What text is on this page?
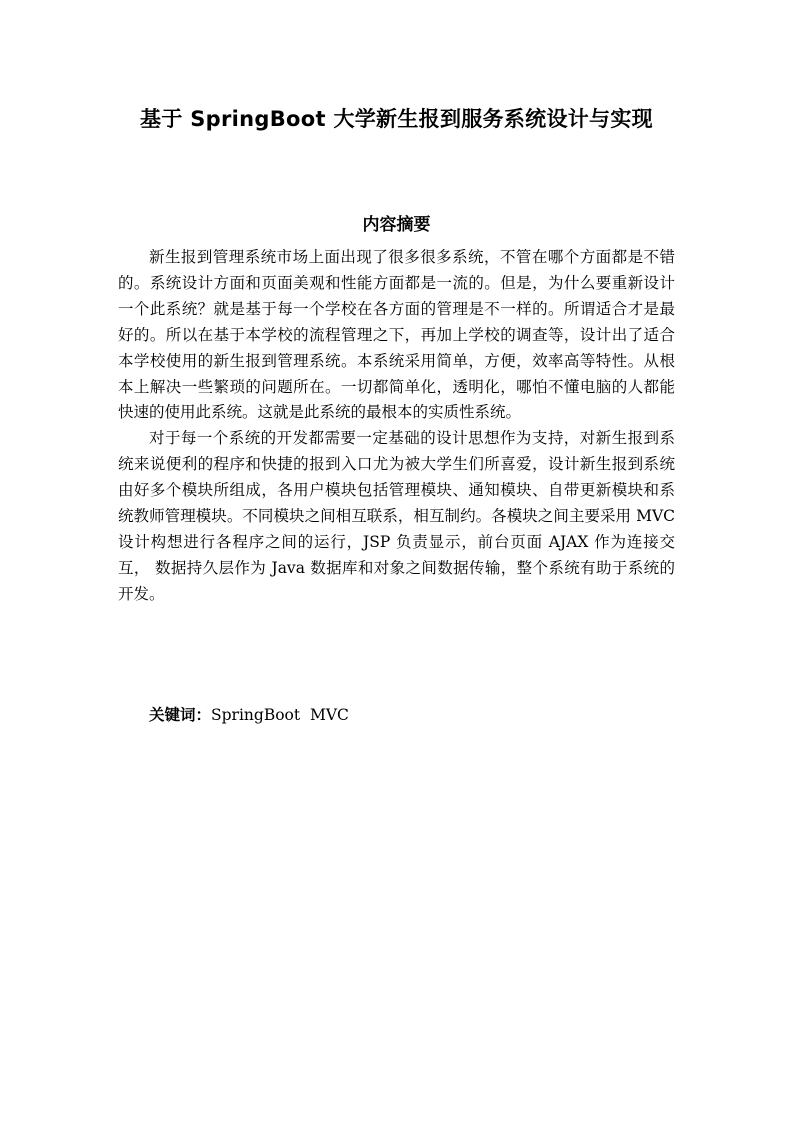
基于 SpringBoot 大学新生报到服务系统设计与实现
内容摘要

新生报到管理系统市场上面出现了很多很多系统，不管在哪个方面都是不错的。系统设计方面和页面美观和性能方面都是一流的。但是，为什么要重新设计一个此系统？就是基于每一个学校在各方面的管理是不一样的。所谓适合才是最好的。所以在基于本学校的流程管理之下，再加上学校的调查等，设计出了适合本学校使用的新生报到管理系统。本系统采用简单，方便，效率高等特性。从根本上解决一些繁琐的问题所在。一切都简单化，透明化，哪怕不懂电脑的人都能快速的使用此系统。这就是此系统的最根本的实质性系统。

对于每一个系统的开发都需要一定基础的设计思想作为支持，对新生报到系统来说便利的程序和快捷的报到入口尤为被大学生们所喜爱，设计新生报到系统由好多个模块所组成，各用户模块包括管理模块、通知模块、自带更新模块和系统教师管理模块。不同模块之间相互联系，相互制约。各模块之间主要采用 MVC 设计构想进行各程序之间的运行，JSP 负责显示，前台页面 AJAX 作为连接交互， 数据持久层作为 Java 数据库和对象之间数据传输，整个系统有助于系统的开发。

关键词：SpringBoot  MVC
